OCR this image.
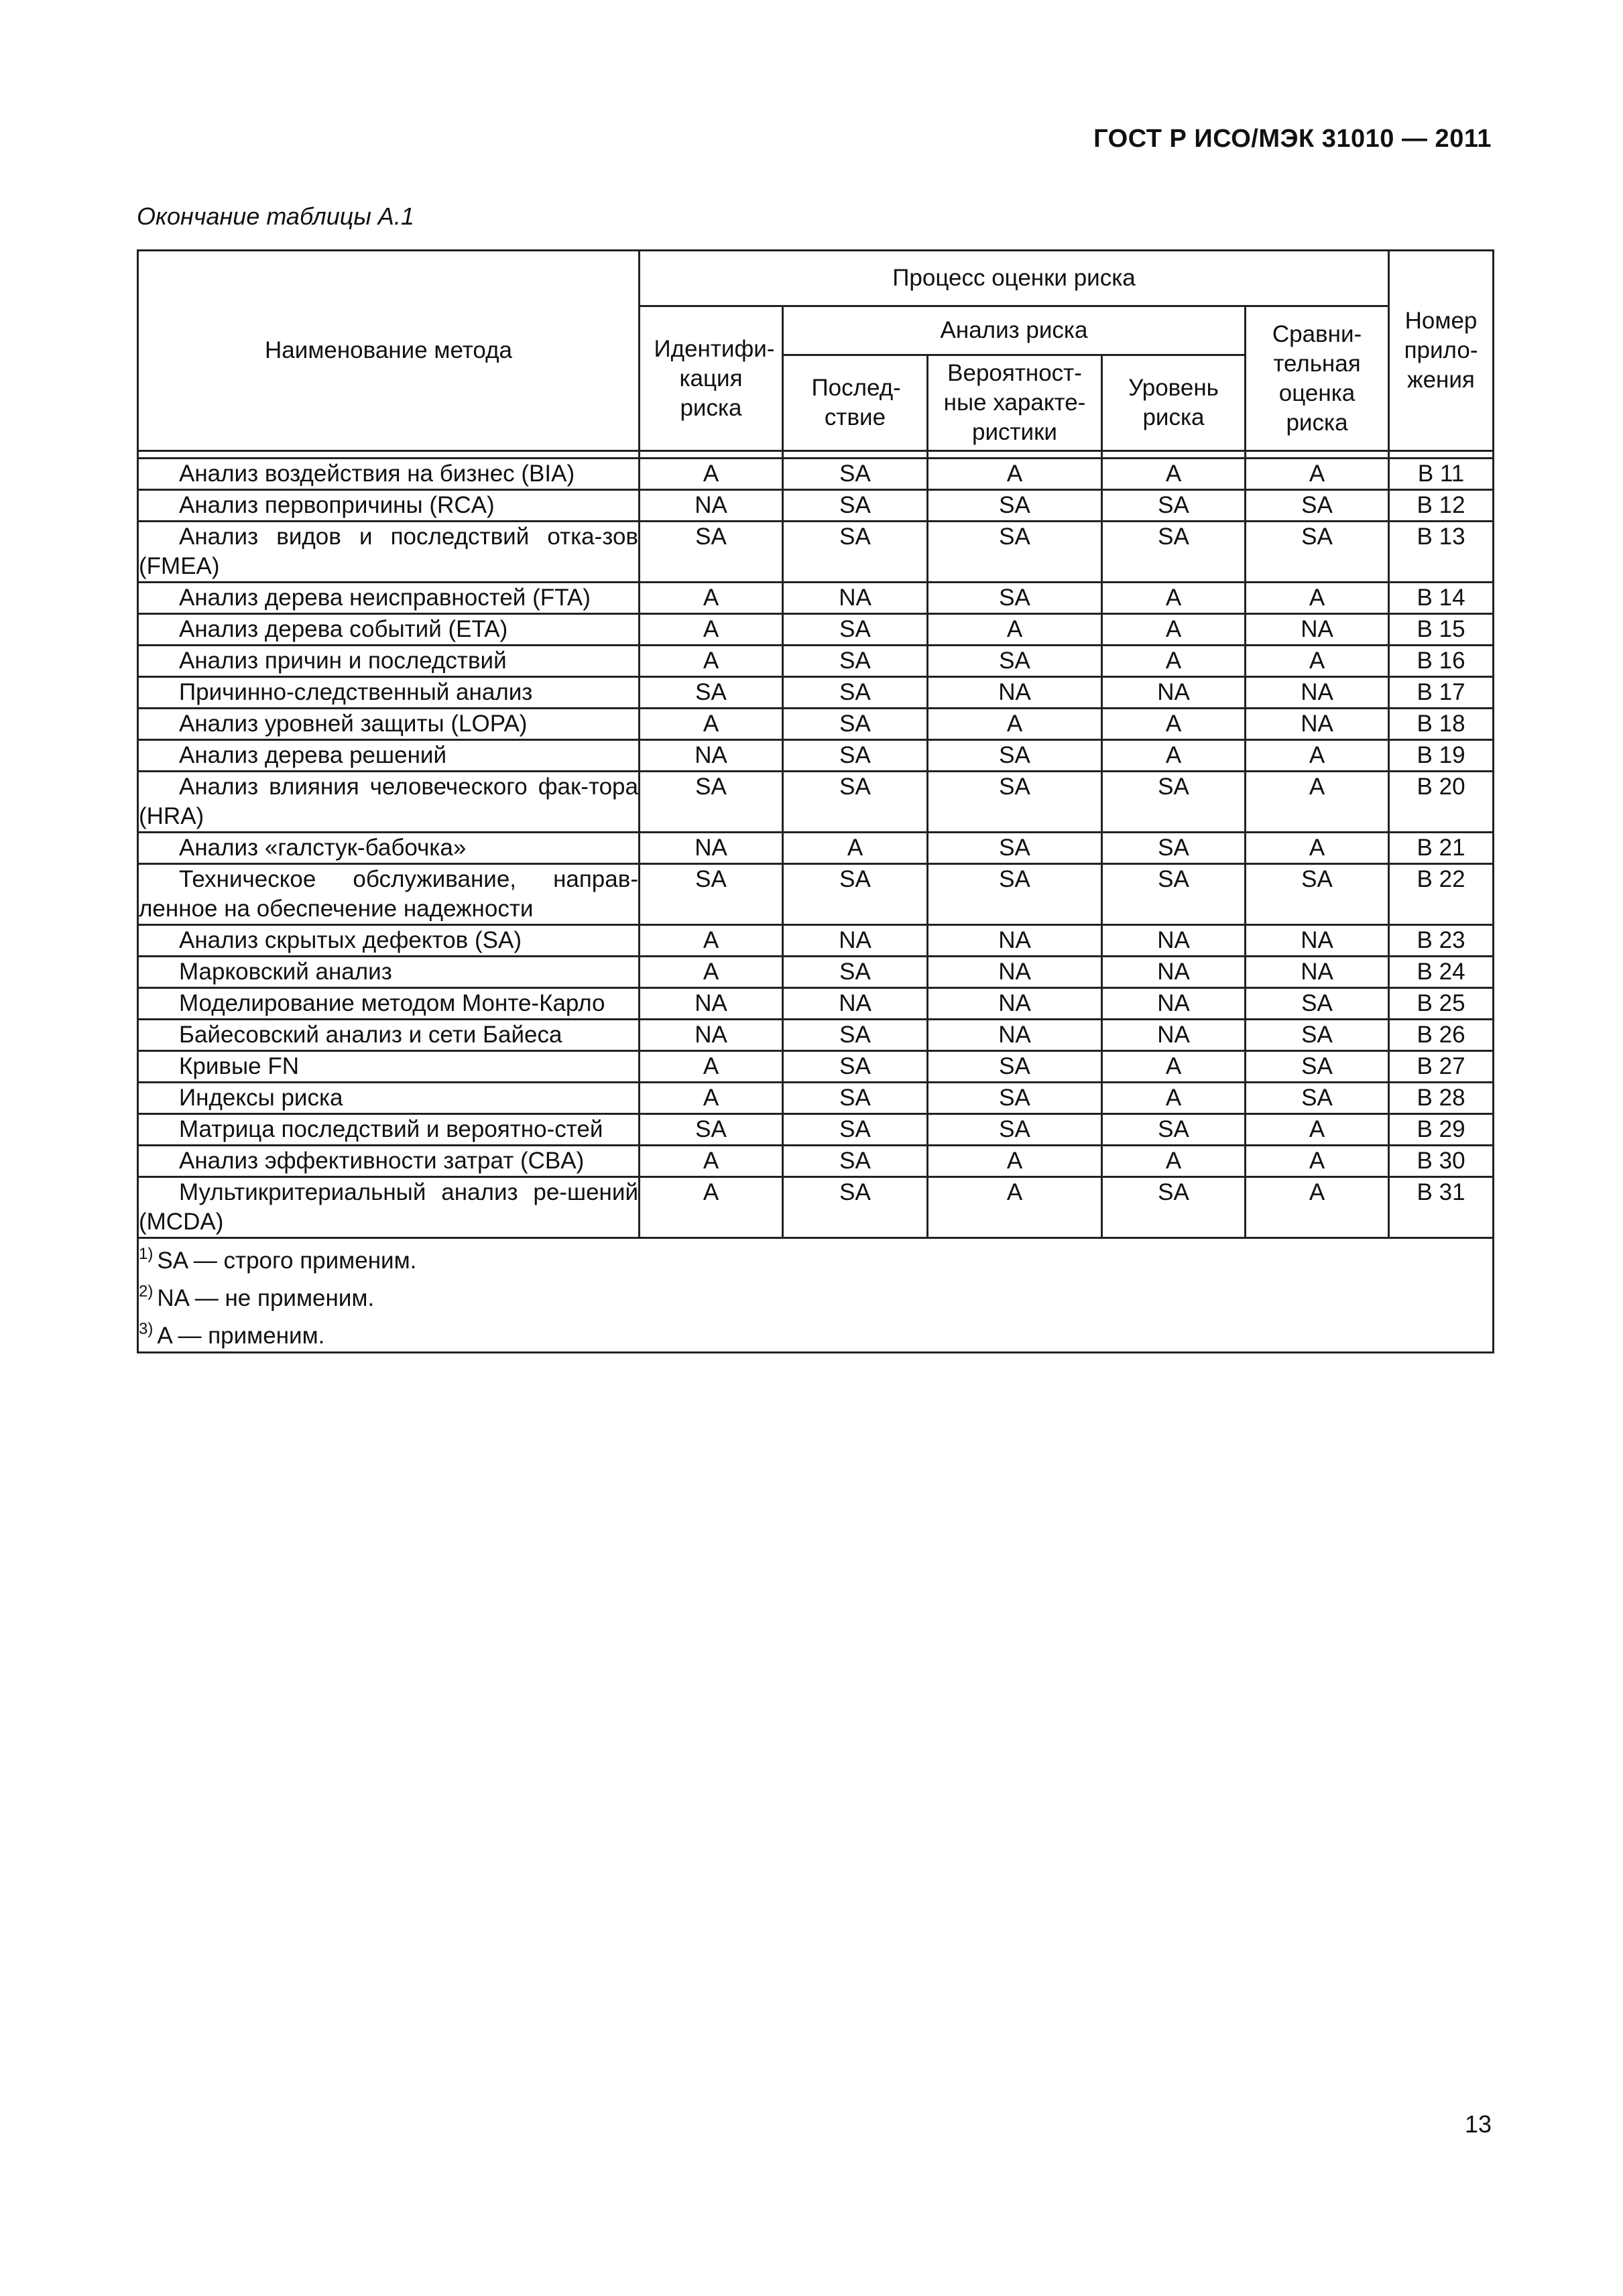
ГОСТ Р ИСО/МЭК 31010 — 2011
Окончание таблицы А.1
Наименование метода	Процесс оценки риска					Номер прило-жения
	Идентифи-кация риска	Анализ риска			Сравни-тельная оценка риска	
		Послед-ствие	Вероятност-ные характе-ристики	Уровень риска		

Анализ воздействия на бизнес (BIA)	A	SA	A	A	A	B 11
Анализ первопричины (RCA)	NA	SA	SA	SA	SA	B 12
Анализ видов и последствий отка-зов (FMEA)	SA	SA	SA	SA	SA	B 13
Анализ дерева неисправностей (FTA)	A	NA	SA	A	A	B 14
Анализ дерева событий (ETA)	A	SA	A	A	NA	B 15
Анализ причин и последствий	A	SA	SA	A	A	B 16
Причинно-следственный анализ	SA	SA	NA	NA	NA	B 17
Анализ уровней защиты (LOPA)	A	SA	A	A	NA	B 18
Анализ дерева решений	NA	SA	SA	A	A	B 19
Анализ влияния человеческого фак-тора (HRA)	SA	SA	SA	SA	A	B 20
Анализ «галстук-бабочка»	NA	A	SA	SA	A	B 21
Техническое обслуживание, направ-ленное на обеспечение надежности	SA	SA	SA	SA	SA	B 22
Анализ скрытых дефектов (SA)	A	NA	NA	NA	NA	B 23
Марковский анализ	A	SA	NA	NA	NA	B 24
Моделирование методом Монте-Карло	NA	NA	NA	NA	SA	B 25
Байесовский анализ и сети Байеса	NA	SA	NA	NA	SA	B 26
Кривые FN	A	SA	SA	A	SA	B 27
Индексы риска	A	SA	SA	A	SA	B 28
Матрица последствий и вероятно-стей	SA	SA	SA	SA	A	B 29
Анализ эффективности затрат (CBA)	A	SA	A	A	A	B 30
Мультикритериальный анализ ре-шений (MCDA)	A	SA	A	SA	A	B 31

$^{1)}$ SA — строго применим.
$^{2)}$ NA — не применим.
$^{3)}$ A — применим.						
13
